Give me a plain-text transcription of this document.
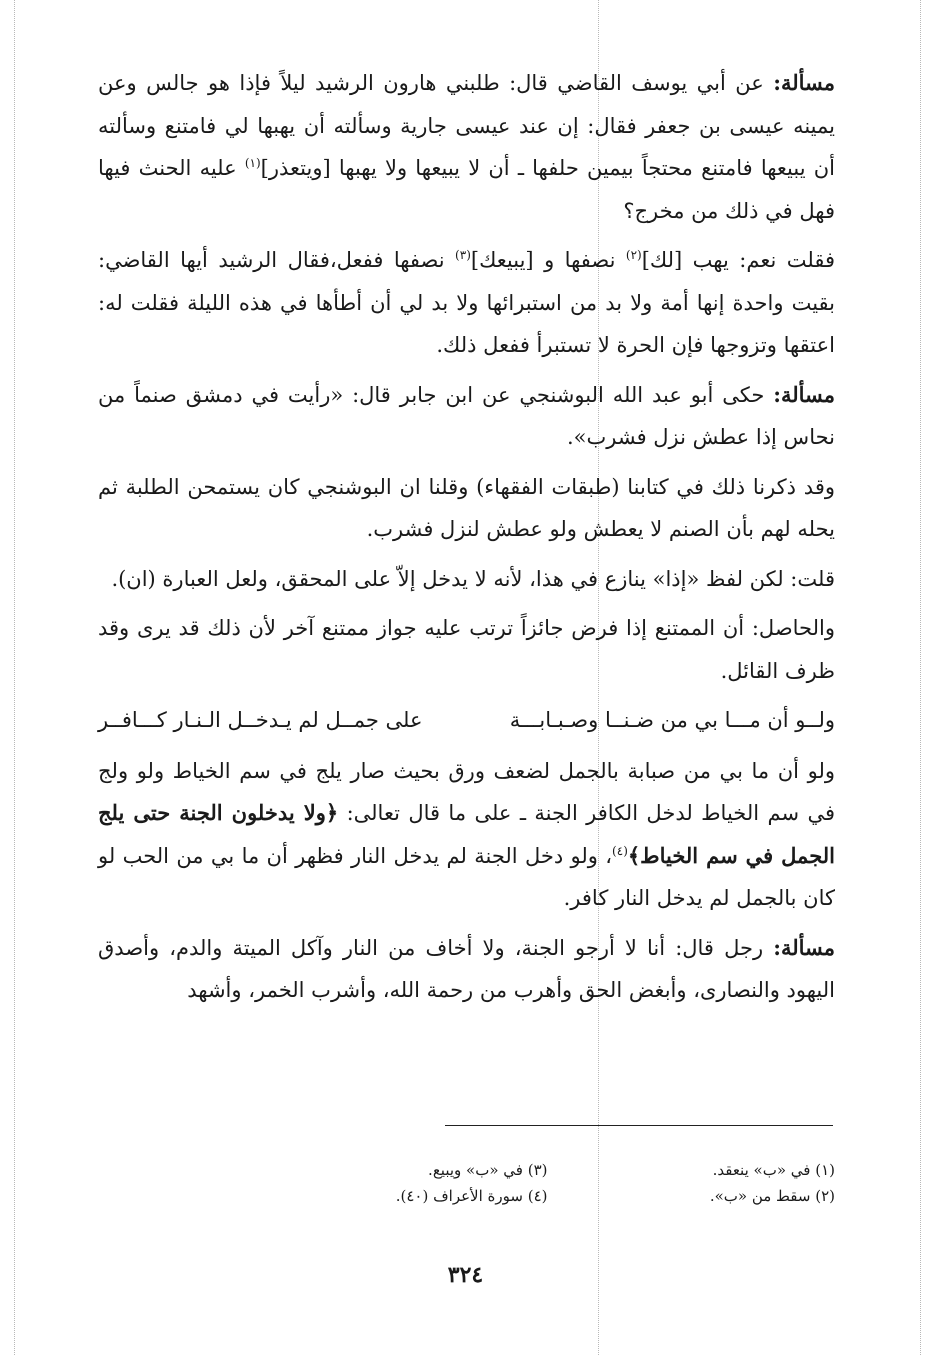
مسألة: عن أبي يوسف القاضي قال: طلبني هارون الرشيد ليلاً فإذا هو جالس وعن يمينه عيسى بن جعفر فقال: إن عند عيسى جارية وسألته أن يهبها لي فامتنع وسألته أن يبيعها فامتنع محتجاً بيمين حلفها ـ أن لا يبيعها ولا يهبها [ويتعذر]$^{(١)}$ عليه الحنث فيها فهل في ذلك من مخرج؟

فقلت نعم: يهب [لك]$^{(٢)}$ نصفها و [يبيعك]$^{(٣)}$ نصفها ففعل،فقال الرشيد أيها القاضي: بقيت واحدة إنها أمة ولا بد من استبرائها ولا بد لي أن أطأها في هذه الليلة فقلت له: اعتقها وتزوجها فإن الحرة لا تستبرأ ففعل ذلك.

مسألة: حكى أبو عبد الله البوشنجي عن ابن جابر قال: «رأيت في دمشق صنماً من نحاس إذا عطش نزل فشرب».

وقد ذكرنا ذلك في كتابنا (طبقات الفقهاء) وقلنا ان البوشنجي كان يستمحن الطلبة ثم يحله لهم بأن الصنم لا يعطش ولو عطش لنزل فشرب.

قلت: لكن لفظ «إذا» ينازع في هذا، لأنه لا يدخل إلاّ على المحقق، ولعل العبارة (ان).

والحاصل: أن الممتنع إذا فرض جائزاً ترتب عليه جواز ممتنع آخر لأن ذلك قد يرى وقد ظرف القائل.

ولــو أن مـــا بي من ضـنــا وصـبـابـــة
على جمــل لم يـدخــل الـنـار كـــافــر

ولو أن ما بي من صبابة بالجمل لضعف ورق بحيث صار يلج في سم الخياط ولو ولج في سم الخياط لدخل الكافر الجنة ـ على ما قال تعالى: ﴿ولا يدخلون الجنة حتى يلج الجمل في سم الخياط﴾$^{(٤)}$، ولو دخل الجنة لم يدخل النار فظهر أن ما بي من الحب لو كان بالجمل لم يدخل النار كافر.

مسألة: رجل قال: أنا لا أرجو الجنة، ولا أخاف من النار وآكل الميتة والدم، وأصدق اليهود والنصارى، وأبغض الحق وأهرب من رحمة الله، وأشرب الخمر، وأشهد

(١) في «ب» ينعقد.
(٣) في «ب» ويبيع.
(٢) سقط من «ب».
(٤) سورة الأعراف (٤٠).
٣٢٤
